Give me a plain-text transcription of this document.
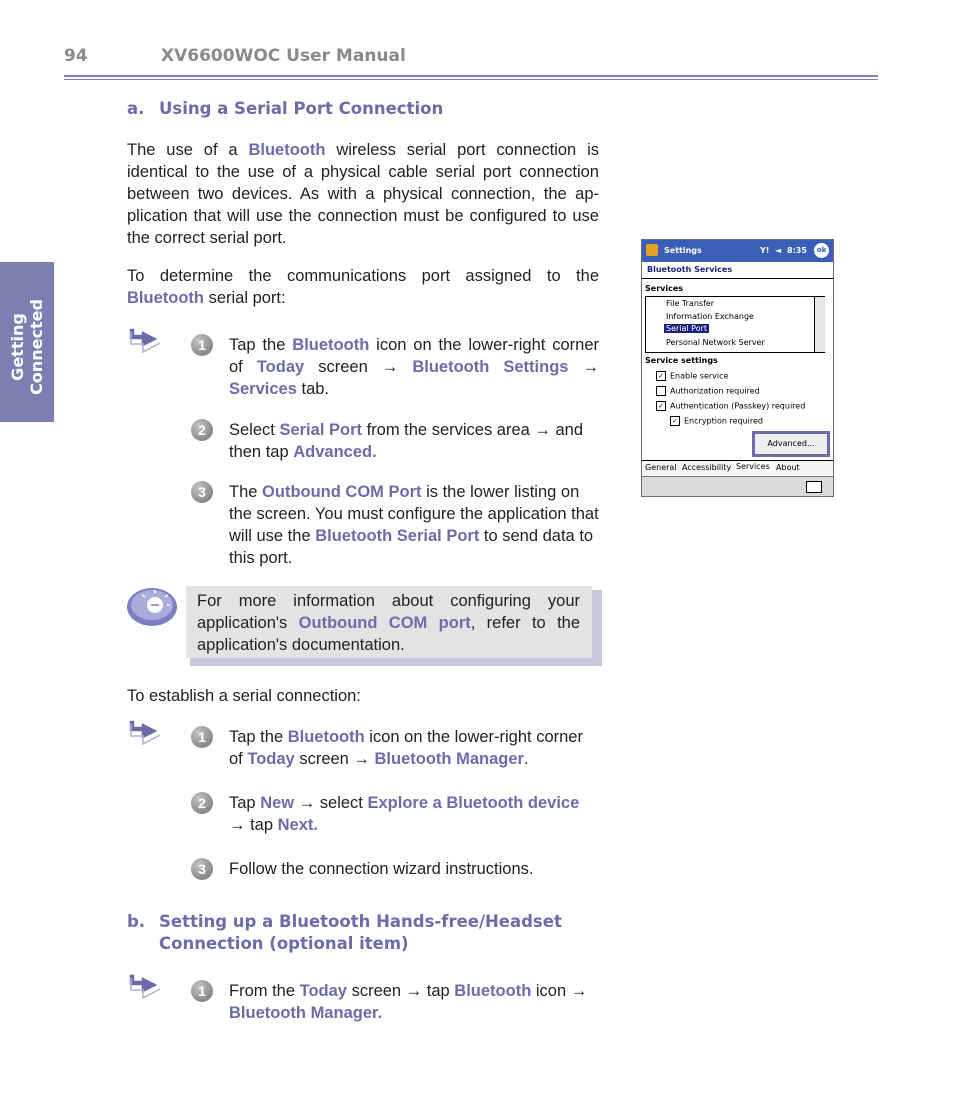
94	XV6600WOC User Manual
Getting Connected
a. Using a Serial Port Connection
The use of a Bluetooth wireless serial port connection is identical to the use of a physical cable serial port connection between two devices. As with a physical connection, the ap- plication that will use the connection must be configured to use the correct serial port.
To determine the communications port assigned to the Bluetooth serial port:
1	Tap the Bluetooth icon on the lower-right corner of Today screen → Bluetooth Settings → Services tab.
2	Select Serial Port from the services area → and then tap Advanced.
3	The Outbound COM Port is the lower listing on the screen. You must configure the application that will use the Bluetooth Serial Port to send data to this port.
For more information about configuring your application's Outbound COM port, refer to the application's documentation.
To establish a serial connection:
1	Tap the Bluetooth icon on the lower-right corner of Today screen → Bluetooth Manager.
2	Tap New → select Explore a Bluetooth device → tap Next.
3	Follow the connection wizard instructions.
b. Setting up a Bluetooth Hands-free/Headset
Connection (optional item)
1	From the Today screen → tap Bluetooth icon → Bluetooth Manager.
Settings	Y! ◄ 8:35	ok
Bluetooth Services
Services
File Transfer
Information Exchange
Serial Port
Personal Network Server
Service settings
✓ Enable service
Authorization required
✓ Authentication (Passkey) required
✓ Encryption required
Advanced...
General Accessibility Services About
